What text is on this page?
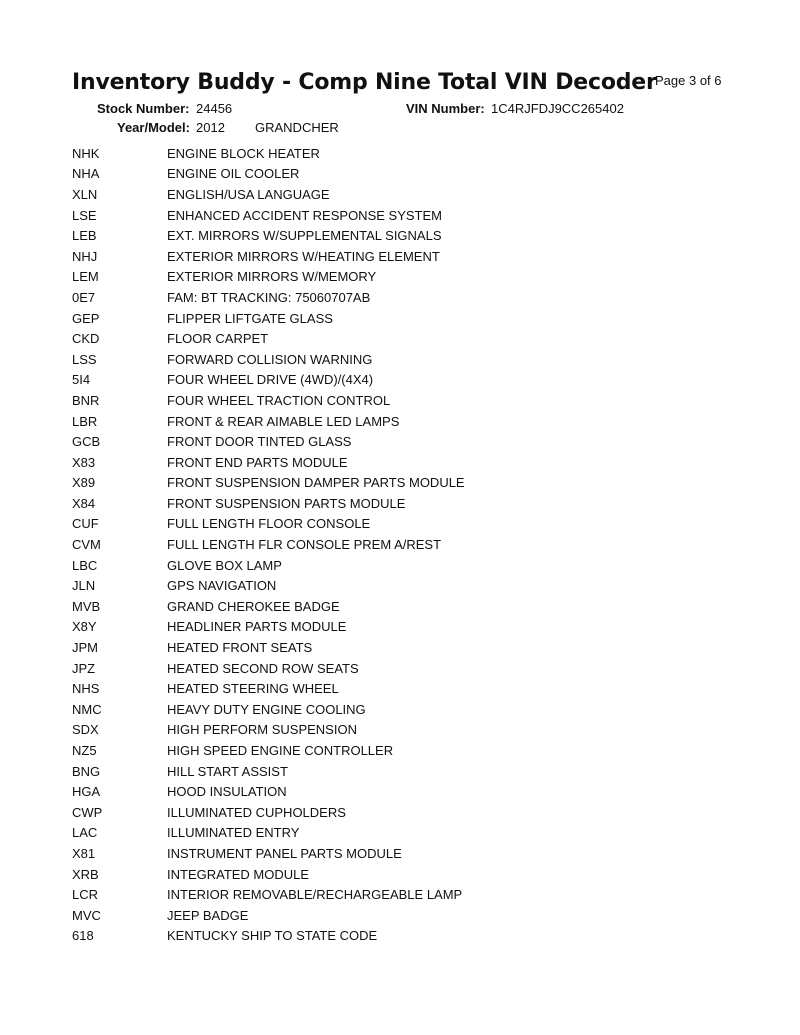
Inventory Buddy - Comp Nine Total VIN Decoder
Page 3 of 6
Stock Number: 24456	VIN Number: 1C4RJFDJ9CC265402
Year/Model: 2012 GRANDCHER
NHK	ENGINE BLOCK HEATER
NHA	ENGINE OIL COOLER
XLN	ENGLISH/USA LANGUAGE
LSE	ENHANCED ACCIDENT RESPONSE SYSTEM
LEB	EXT. MIRRORS W/SUPPLEMENTAL SIGNALS
NHJ	EXTERIOR MIRRORS W/HEATING ELEMENT
LEM	EXTERIOR MIRRORS W/MEMORY
0E7	FAM: BT TRACKING: 75060707AB
GEP	FLIPPER LIFTGATE GLASS
CKD	FLOOR CARPET
LSS	FORWARD COLLISION WARNING
5I4	FOUR WHEEL DRIVE (4WD)/(4X4)
BNR	FOUR WHEEL TRACTION CONTROL
LBR	FRONT & REAR AIMABLE LED LAMPS
GCB	FRONT DOOR TINTED GLASS
X83	FRONT END PARTS MODULE
X89	FRONT SUSPENSION DAMPER PARTS MODULE
X84	FRONT SUSPENSION PARTS MODULE
CUF	FULL LENGTH FLOOR CONSOLE
CVM	FULL LENGTH FLR CONSOLE PREM A/REST
LBC	GLOVE BOX LAMP
JLN	GPS NAVIGATION
MVB	GRAND CHEROKEE BADGE
X8Y	HEADLINER PARTS MODULE
JPM	HEATED FRONT SEATS
JPZ	HEATED SECOND ROW SEATS
NHS	HEATED STEERING WHEEL
NMC	HEAVY DUTY ENGINE COOLING
SDX	HIGH PERFORM SUSPENSION
NZ5	HIGH SPEED ENGINE CONTROLLER
BNG	HILL START ASSIST
HGA	HOOD INSULATION
CWP	ILLUMINATED CUPHOLDERS
LAC	ILLUMINATED ENTRY
X81	INSTRUMENT PANEL PARTS MODULE
XRB	INTEGRATED MODULE
LCR	INTERIOR REMOVABLE/RECHARGEABLE LAMP
MVC	JEEP BADGE
618	KENTUCKY SHIP TO STATE CODE
